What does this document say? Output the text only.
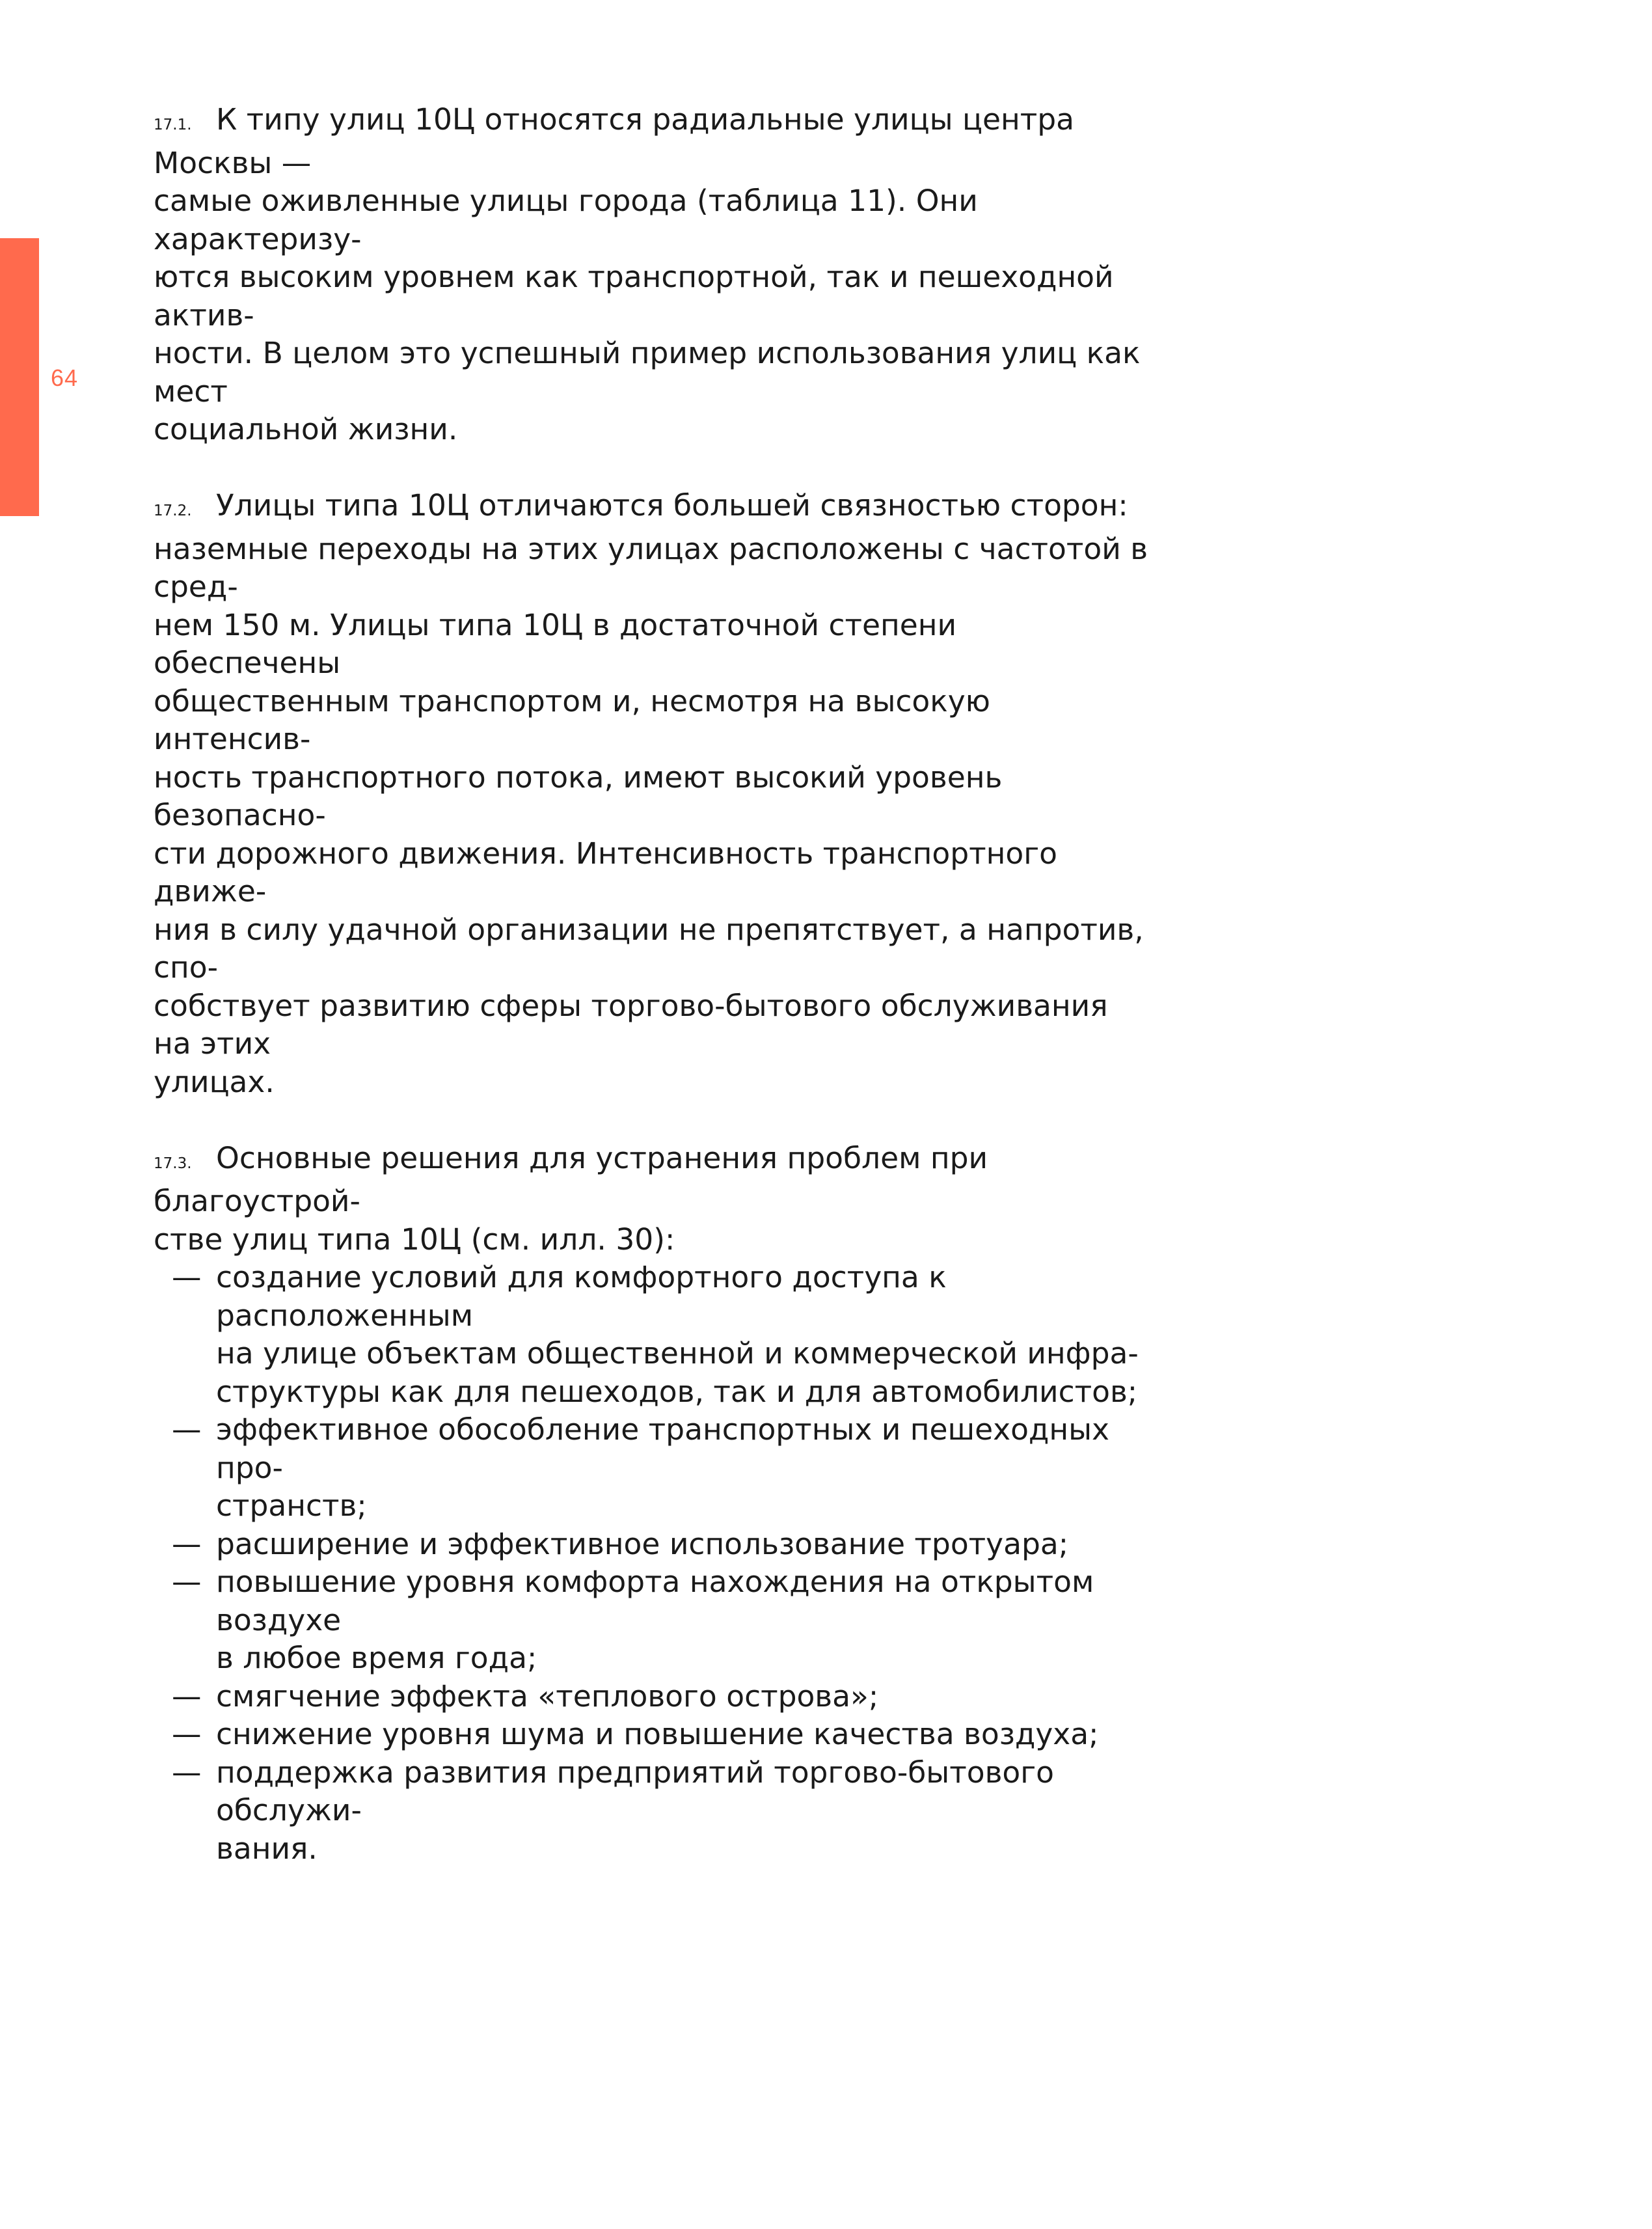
64

17.1. К типу улиц 10Ц относятся радиальные улицы центра Москвы —
самые оживленные улицы города (таблица 11). Они характеризу-
ются высоким уровнем как транспортной, так и пешеходной актив-
ности. В целом это успешный пример использования улиц как мест
социальной жизни.

17.2. Улицы типа 10Ц отличаются большей связностью сторон:
наземные переходы на этих улицах расположены с частотой в сред-
нем 150 м. Улицы типа 10Ц в достаточной степени обеспечены
общественным транспортом и, несмотря на высокую интенсив-
ность транспортного потока, имеют высокий уровень безопасно-
сти дорожного движения. Интенсивность транспортного движе-
ния в силу удачной организации не препятствует, а напротив, спо-
собствует развитию сферы торгово-бытового обслуживания на этих
улицах.

17.3. Основные решения для устранения проблем при благоустрой-
стве улиц типа 10Ц (см. илл. 30):

— создание условий для комфортного доступа к расположенным
на улице объектам общественной и коммерческой инфра-
структуры как для пешеходов, так и для автомобилистов;
— эффективное обособление транспортных и пешеходных про-
странств;
— расширение и эффективное использование тротуара;
— повышение уровня комфорта нахождения на открытом воздухе
в любое время года;
— смягчение эффекта «теплового острова»;
— снижение уровня шума и повышение качества воздуха;
— поддержка развития предприятий торгово-бытового обслужи-
вания.
